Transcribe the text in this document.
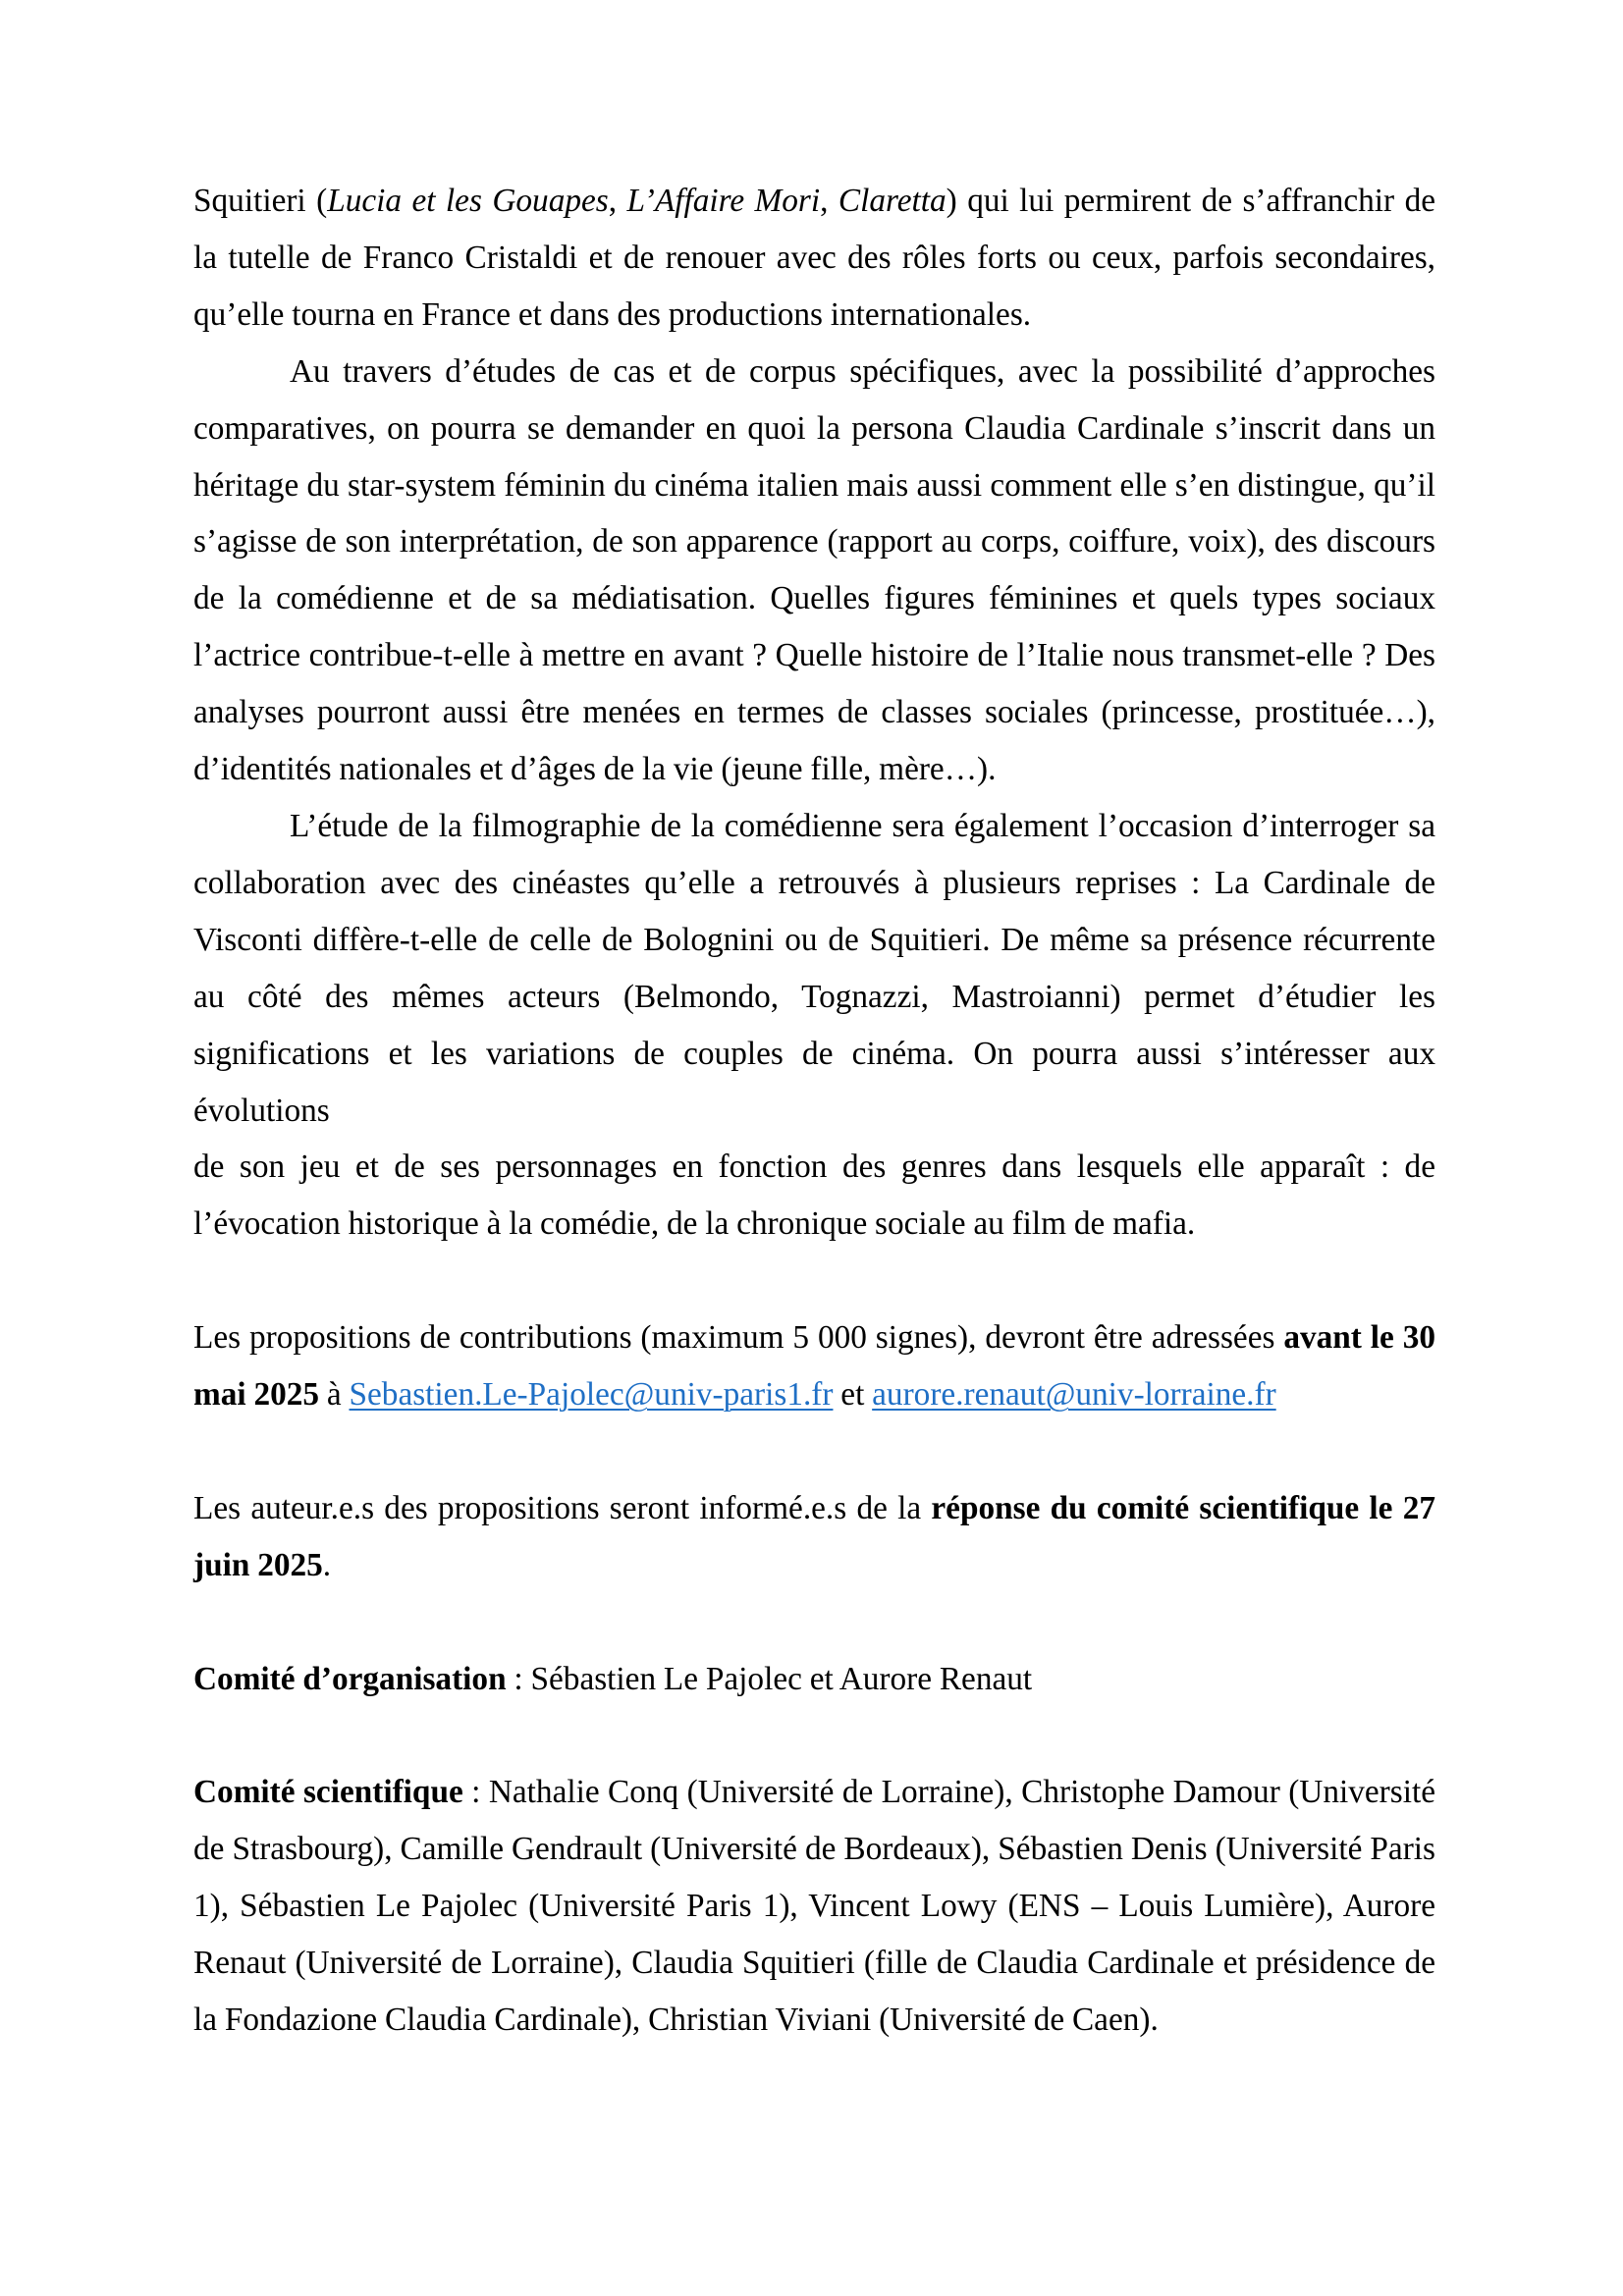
Squitieri (Lucia et les Gouapes, L’Affaire Mori, Claretta) qui lui permirent de s’affranchir de
la tutelle de Franco Cristaldi et de renouer avec des rôles forts ou ceux, parfois secondaires,
qu’elle tourna en France et dans des productions internationales.
Au travers d’études de cas et de corpus spécifiques, avec la possibilité d’approches
comparatives, on pourra se demander en quoi la persona Claudia Cardinale s’inscrit dans un
héritage du star-system féminin du cinéma italien mais aussi comment elle s’en distingue, qu’il
s’agisse de son interprétation, de son apparence (rapport au corps, coiffure, voix), des discours
de la comédienne et de sa médiatisation. Quelles figures féminines et quels types sociaux
l’actrice contribue-t-elle à mettre en avant ? Quelle histoire de l’Italie nous transmet-elle ? Des
analyses pourront aussi être menées en termes de classes sociales (princesse, prostituée…),
d’identités nationales et d’âges de la vie (jeune fille, mère…).
L’étude de la filmographie de la comédienne sera également l’occasion d’interroger sa
collaboration avec des cinéastes qu’elle a retrouvés à plusieurs reprises : La Cardinale de
Visconti diffère-t-elle de celle de Bolognini ou de Squitieri. De même sa présence récurrente
au côté des mêmes acteurs (Belmondo, Tognazzi, Mastroianni) permet d’étudier les
significations et les variations de couples de cinéma. On pourra aussi s’intéresser aux évolutions
de son jeu et de ses personnages en fonction des genres dans lesquels elle apparaît : de
l’évocation historique à la comédie, de la chronique sociale au film de mafia.
Les propositions de contributions (maximum 5 000 signes), devront être adressées avant le 30
mai 2025 à Sebastien.Le-Pajolec@univ-paris1.fr et aurore.renaut@univ-lorraine.fr
Les auteur.e.s des propositions seront informé.e.s de la réponse du comité scientifique le 27
juin 2025.
Comité d’organisation : Sébastien Le Pajolec et Aurore Renaut
Comité scientifique : Nathalie Conq (Université de Lorraine), Christophe Damour (Université
de Strasbourg), Camille Gendrault (Université de Bordeaux), Sébastien Denis (Université Paris
1), Sébastien Le Pajolec (Université Paris 1), Vincent Lowy (ENS – Louis Lumière), Aurore
Renaut (Université de Lorraine), Claudia Squitieri (fille de Claudia Cardinale et présidence de
la Fondazione Claudia Cardinale), Christian Viviani (Université de Caen).
